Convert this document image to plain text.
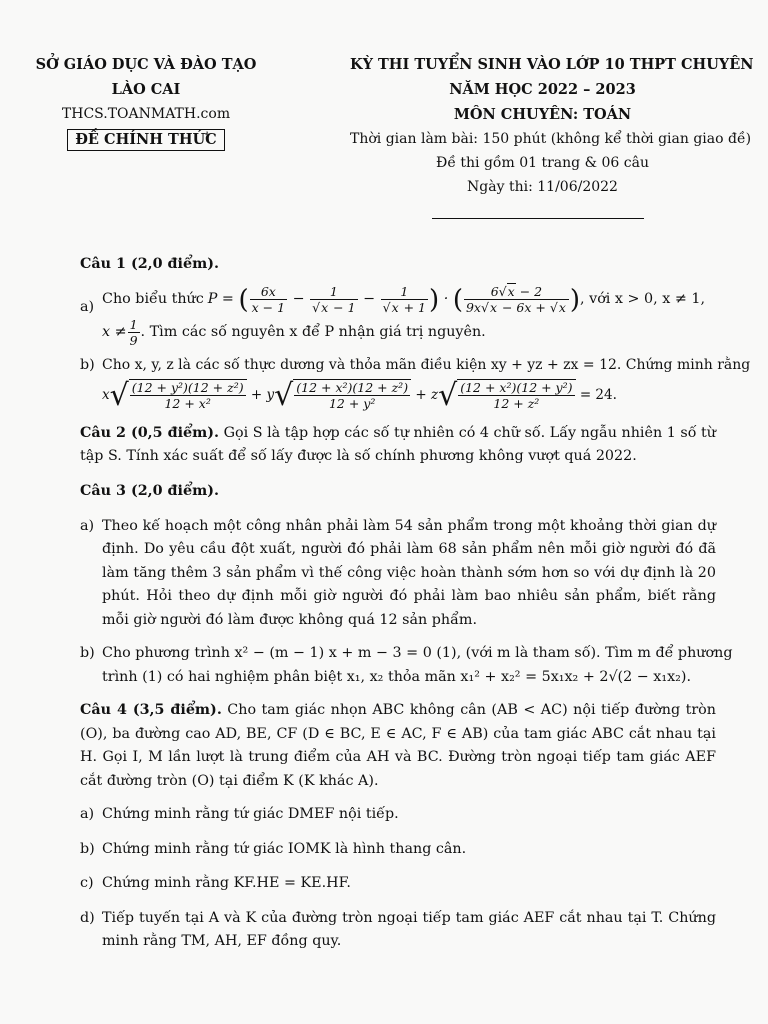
SỞ GIÁO DỤC VÀ ĐÀO TẠO
LÀO CAI
THCS.TOANMATH.com
ĐỀ CHÍNH THỨC
KỲ THI TUYỂN SINH VÀO LỚP 10 THPT CHUYÊN
NĂM HỌC 2022 – 2023
MÔN CHUYÊN: TOÁN
Thời gian làm bài: 150 phút (không kể thời gian giao đề)
Đề thi gồm 01 trang & 06 câu
Ngày thi: 11/06/2022
Câu 1 (2,0 điểm).
a)
Cho biểu thức P = ( $\frac{6x}{x - 1} - \frac{1}{√x - 1} - \frac{1}{√x + 1}$ ) · ( $\frac{6√x - 2}{9x√x - 6x + √x}$ ) , với x > 0, x ≠ 1,
$x \ne \frac{1}{9}$ . Tìm các số nguyên x để P nhận giá trị nguyên.
b) Cho x, y, z là các số thực dương và thỏa mãn điều kiện xy + yz + zx = 12. Chứng minh rằng
x √ $\frac{\text{(12 + y²)(12 + z²)}}{\text{12 + x²}} + y$ √ $\frac{\text{(12 + x²)(12 + z²)}}{\text{12 + y²}} + z$ √ $\frac{\text{(12 + x²)(12 + y²)}}{\text{12 + z²}}$
= 24.

Câu 2 (0,5 điểm). Gọi S là tập hợp các số tự nhiên có 4 chữ số. Lấy ngẫu nhiên 1 số từ tập S. Tính xác suất để số lấy được là số chính phương không vượt quá 2022.

Câu 3 (2,0 điểm).
a) Theo kế hoạch một công nhân phải làm 54 sản phẩm trong một khoảng thời gian dự định. Do yêu cầu đột xuất, người đó phải làm 68 sản phẩm nên mỗi giờ người đó đã làm tăng thêm 3 sản phẩm vì thế công việc hoàn thành sớm hơn so với dự định là 20 phút. Hỏi theo dự định mỗi giờ người đó phải làm bao nhiêu sản phẩm, biết rằng mỗi giờ người đó làm được không quá 12 sản phẩm.
b) Cho phương trình x² − (m − 1) x + m − 3 = 0 (1), (với m là tham số). Tìm m để phương
trình (1) có hai nghiệm phân biệt x₁, x₂ thỏa mãn x₁² + x₂² = 5x₁x₂ + 2√(2 − x₁x₂).

Câu 4 (3,5 điểm). Cho tam giác nhọn ABC không cân (AB < AC) nội tiếp đường tròn (O), ba đường cao AD, BE, CF (D ∈ BC, E ∈ AC, F ∈ AB) của tam giác ABC cắt nhau tại H. Gọi I, M lần lượt là trung điểm của AH và BC. Đường tròn ngoại tiếp tam giác AEF cắt đường tròn (O) tại điểm K (K khác A).

a) Chứng minh rằng tứ giác DMEF nội tiếp.
b) Chứng minh rằng tứ giác IOMK là hình thang cân.
c) Chứng minh rằng KF.HE = KE.HF.
d) Tiếp tuyến tại A và K của đường tròn ngoại tiếp tam giác AEF cắt nhau tại T. Chứng minh rằng TM, AH, EF đồng quy.
